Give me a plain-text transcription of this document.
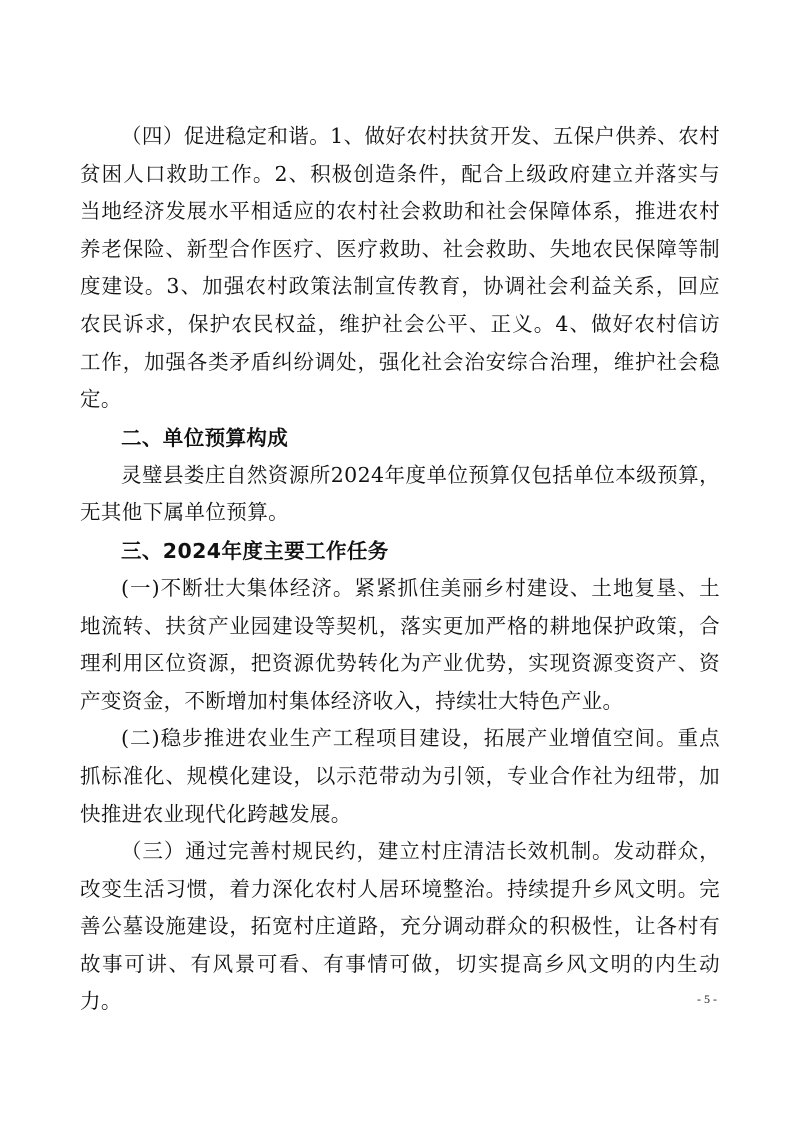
（四）促进稳定和谐。1、做好农村扶贫开发、五保户供养、农村贫困人口救助工作。2、积极创造条件，配合上级政府建立并落实与当地经济发展水平相适应的农村社会救助和社会保障体系，推进农村养老保险、新型合作医疗、医疗救助、社会救助、失地农民保障等制度建设。3、加强农村政策法制宣传教育，协调社会利益关系，回应农民诉求，保护农民权益，维护社会公平、正义。4、做好农村信访工作，加强各类矛盾纠纷调处，强化社会治安综合治理，维护社会稳定。

二、单位预算构成

灵璧县娄庄自然资源所2024年度单位预算仅包括单位本级预算，无其他下属单位预算。

三、2024年度主要工作任务

(一)不断壮大集体经济。紧紧抓住美丽乡村建设、土地复垦、土地流转、扶贫产业园建设等契机，落实更加严格的耕地保护政策，合理利用区位资源，把资源优势转化为产业优势，实现资源变资产、资产变资金，不断增加村集体经济收入，持续壮大特色产业。

(二)稳步推进农业生产工程项目建设，拓展产业增值空间。重点抓标准化、规模化建设，以示范带动为引领，专业合作社为纽带，加快推进农业现代化跨越发展。

（三）通过完善村规民约，建立村庄清洁长效机制。发动群众，改变生活习惯，着力深化农村人居环境整治。持续提升乡风文明。完善公墓设施建设，拓宽村庄道路，充分调动群众的积极性，让各村有故事可讲、有风景可看、有事情可做，切实提高乡风文明的内生动力。	- 5 -
